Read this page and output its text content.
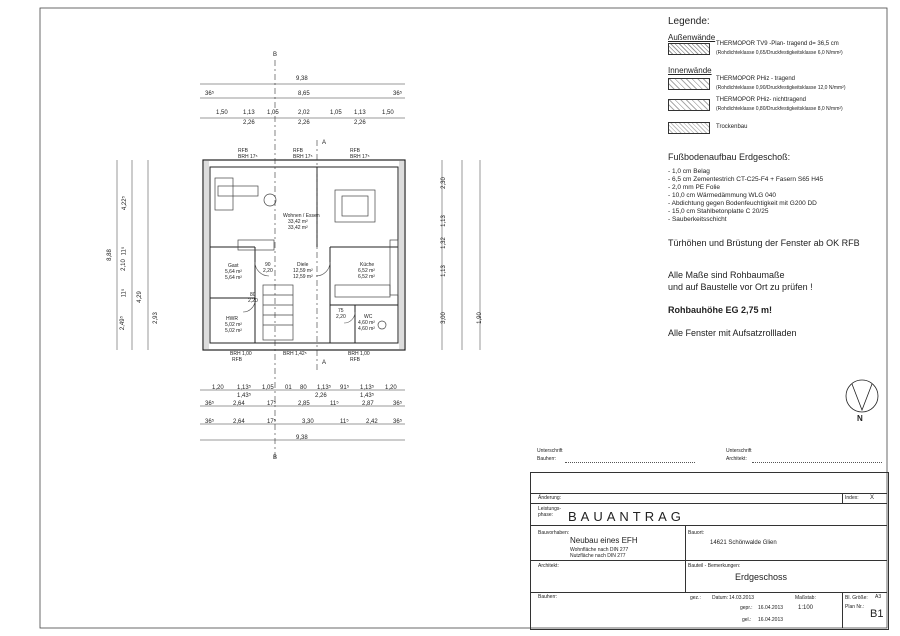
B
B
A
A
9,38
36⁵	8,65	36⁵
1,50	1,13 1,05	2,02	1,05 1,13	1,50
2,26	2,26	2,26
RFB
BRH 17⁵
RFB
BRH 17⁵
RFB
BRH 17⁵
Wohnen / Essen
33,42 m²
33,42 m²
Gast
5,64 m²
5,64 m²
Diele
12,59 m²
12,59 m²
Küche
6,52 m²
6,52 m²
HWR
5,02 m²
5,02 m²
WC
4,60 m²
4,60 m²
90
2,20
80
2,20
75
2,20
BRH 1,00
RFB
BRH 1,42⁵	BRH 1,00
RFB
1,20 1,13⁵ 1,05 01 80 1,13⁵ 91⁵ 1,13⁵ 1,20
1,43⁵	2,26	1,43⁵
36⁵	2,64	17⁵	2,85	11⁵	2,87	36⁵
36⁵	2,64	17⁵	3,30	11⁵	2,42	36⁵
9,38
8,88
4,22⁵
11⁵
2,10
11⁵ 4,29
2,93
2,49⁵
2,30
1,13
1,32
1,13
3,00	1,90
Legende:
Außenwände
THERMOPOR TV9 -Plan- tragend d= 36,5 cm
(Rohdichteklasse 0,65/Druckfestigkeitsklasse 6,0 N/mm²)
Innenwände
THERMOPOR PHiz - tragend
(Rohdichteklasse 0,90/Druckfestigkeitsklasse 12,0 N/mm²)
THERMOPOR PHiz- nichttragend
(Rohdichteklasse 0,80/Druckfestigkeitsklasse 8,0 N/mm²)
Trockenbau
Fußbodenaufbau Erdgeschoß:
- 1,0 cm Belag
- 6,5 cm Zementestrich CT-C25-F4 + Fasern S65 H45
- 2,0 mm PE Folie
- 10,0 cm Wärmedämmung WLG 040
- Abdichtung gegen Bodenfeuchtigkeit mit G200 DD
- 15,0 cm Stahlbetonplatte C 20/25
- Sauberkeitsschicht
Türhöhen und Brüstung der Fenster ab OK RFB
Alle Maße sind Rohbaumaße
und auf Baustelle vor Ort zu prüfen !
Rohbauhöhe EG 2,75 m!
Alle Fenster mit Aufsatzrollladen
N
Unterschrift
Bauherr:
Unterschrift
Architekt:
Änderung:	Index: X
Leistungs-
phase:	BAUANTRAG
Bauvorhaben:
Neubau eines EFH
Wohnfläche nach DIN 277
Nutzfläche nach DIN 277
Bauort:
14621 Schönwalde Glien
Architekt:	Bauteil - Bemerkungen:
Erdgeschoss
Bauherr:	gez.: Datum: 14.03.2013	Maßstab:
gepr.: 16.04.2013 1:100
gel.: 16.04.2013
Bl. Größe: A3
Plan Nr.:
B1
